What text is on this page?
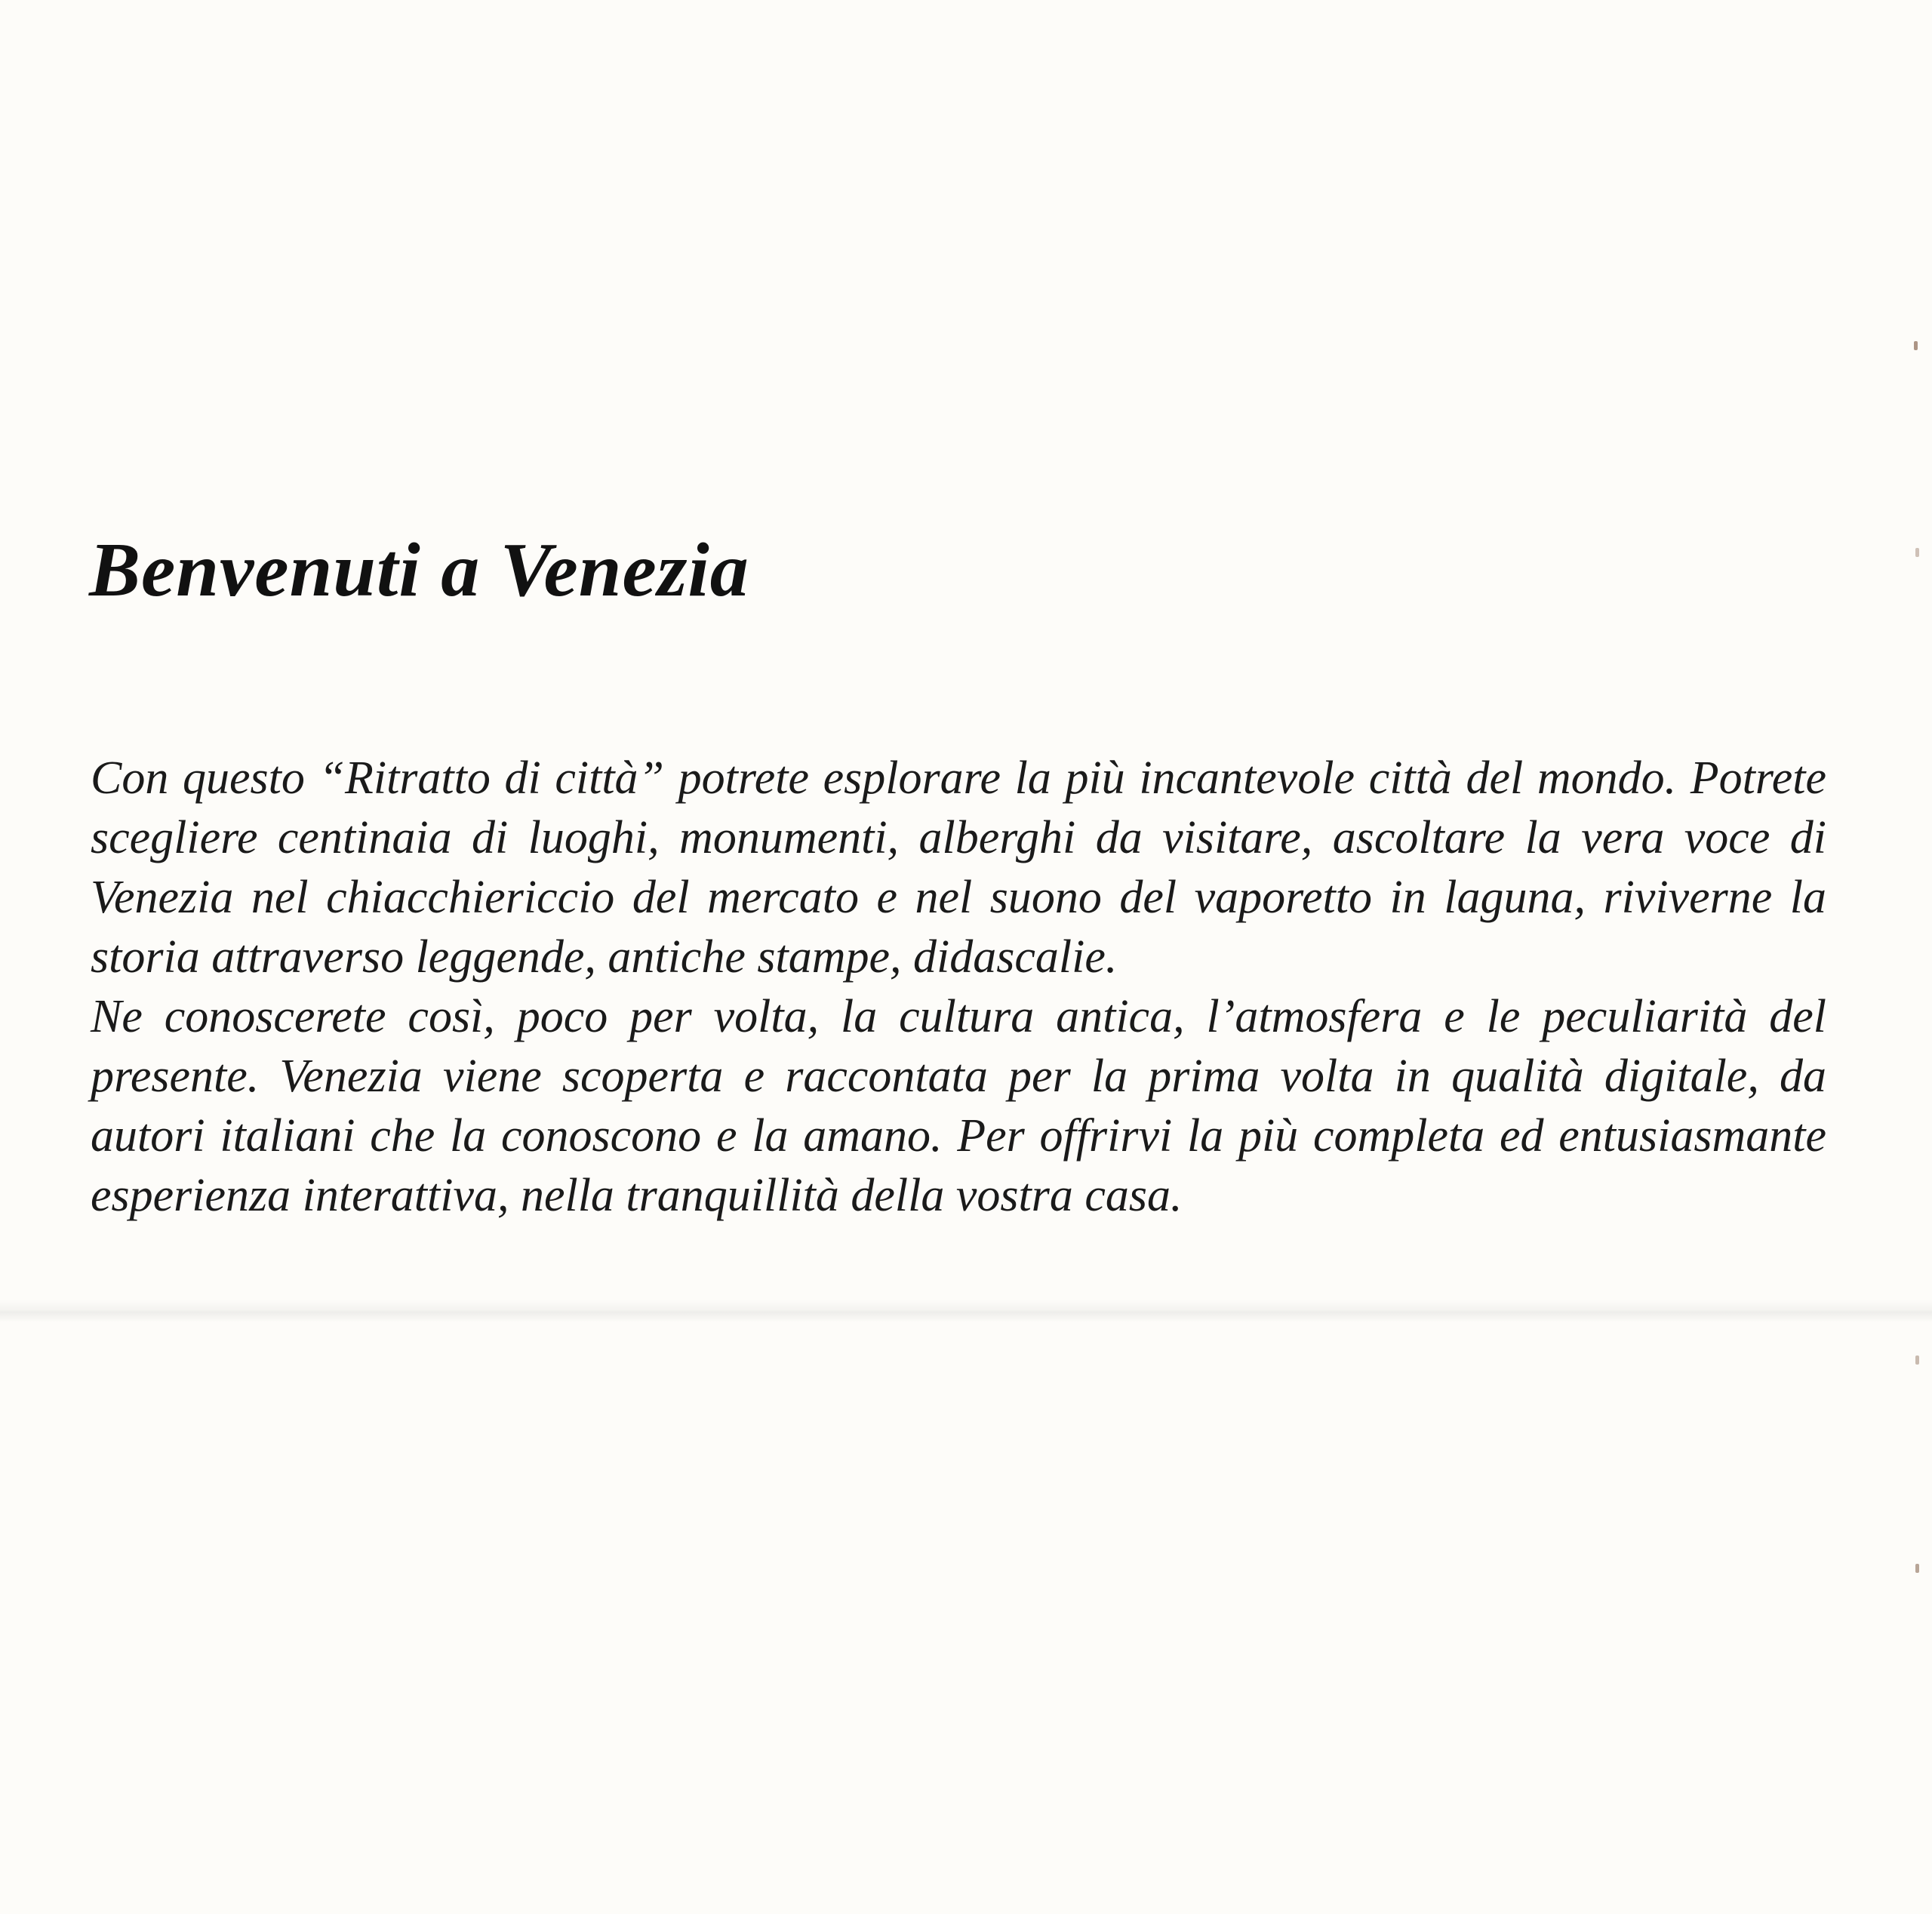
Benvenuti a Venezia

Con questo “Ritratto di città” potrete esplorare la più incantevole città del mondo. Potrete scegliere centinaia di luoghi, monumenti, alberghi da visitare, ascoltare la vera voce di Venezia nel chiacchiericcio del mercato e nel suono del vaporetto in laguna, riviverne la storia attraverso leggende, antiche stampe, didascalie.

Ne conoscerete così, poco per volta, la cultura antica, l’atmosfera e le peculiarità del presente. Venezia viene scoperta e raccontata per la prima volta in qualità digitale, da autori italiani che la conoscono e la amano. Per offrirvi la più completa ed entusiasmante esperienza interattiva, nella tranquillità della vostra casa.
